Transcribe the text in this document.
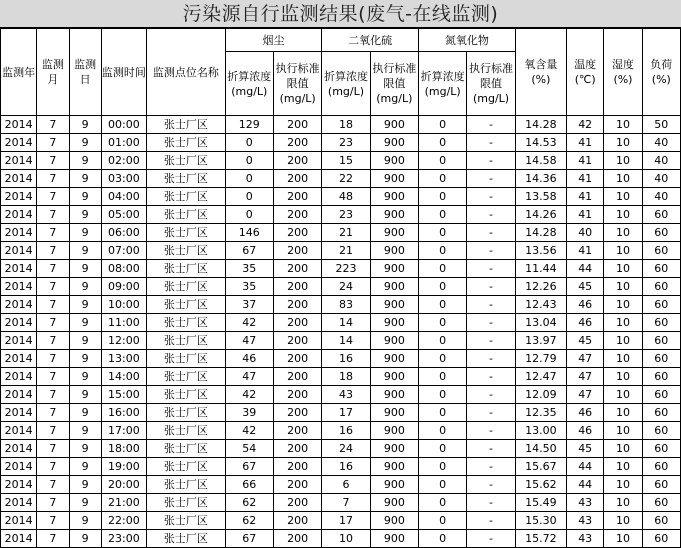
污染源自行监测结果(废气-在线监测)
监测年	监测月	监测日	监测时间	监测点位名称	烟尘		二氧化硫		氮氧化物		氧含量(%)	温度(℃)	湿度(%)	负荷(%)
					折算浓度(mg/L)	执行标准限值(mg/L)	折算浓度(mg/L)	执行标准限值(mg/L)	折算浓度(mg/L)	执行标准限值(mg/L)				
2014	7	9	00:00	张士厂区	129	200	18	900	0	-	14.28	42	10	50
2014	7	9	01:00	张士厂区	0	200	23	900	0	-	14.53	41	10	40
2014	7	9	02:00	张士厂区	0	200	15	900	0	-	14.58	41	10	40
2014	7	9	03:00	张士厂区	0	200	22	900	0	-	14.36	41	10	40
2014	7	9	04:00	张士厂区	0	200	48	900	0	-	13.58	41	10	40
2014	7	9	05:00	张士厂区	0	200	23	900	0	-	14.26	41	10	60
2014	7	9	06:00	张士厂区	146	200	21	900	0	-	14.28	40	10	60
2014	7	9	07:00	张士厂区	67	200	21	900	0	-	13.56	41	10	60
2014	7	9	08:00	张士厂区	35	200	223	900	0	-	11.44	44	10	60
2014	7	9	09:00	张士厂区	35	200	24	900	0	-	12.26	45	10	60
2014	7	9	10:00	张士厂区	37	200	83	900	0	-	12.43	46	10	60
2014	7	9	11:00	张士厂区	42	200	14	900	0	-	13.04	46	10	60
2014	7	9	12:00	张士厂区	47	200	14	900	0	-	13.97	45	10	60
2014	7	9	13:00	张士厂区	46	200	16	900	0	-	12.79	47	10	60
2014	7	9	14:00	张士厂区	47	200	18	900	0	-	12.47	47	10	60
2014	7	9	15:00	张士厂区	42	200	43	900	0	-	12.09	47	10	60
2014	7	9	16:00	张士厂区	39	200	17	900	0	-	12.35	46	10	60
2014	7	9	17:00	张士厂区	42	200	16	900	0	-	13.00	46	10	60
2014	7	9	18:00	张士厂区	54	200	24	900	0	-	14.50	45	10	60
2014	7	9	19:00	张士厂区	67	200	16	900	0	-	15.67	44	10	60
2014	7	9	20:00	张士厂区	66	200	6	900	0	-	15.62	44	10	60
2014	7	9	21:00	张士厂区	62	200	7	900	0	-	15.49	43	10	60
2014	7	9	22:00	张士厂区	62	200	17	900	0	-	15.30	43	10	60
2014	7	9	23:00	张士厂区	67	200	10	900	0	-	15.72	43	10	60
